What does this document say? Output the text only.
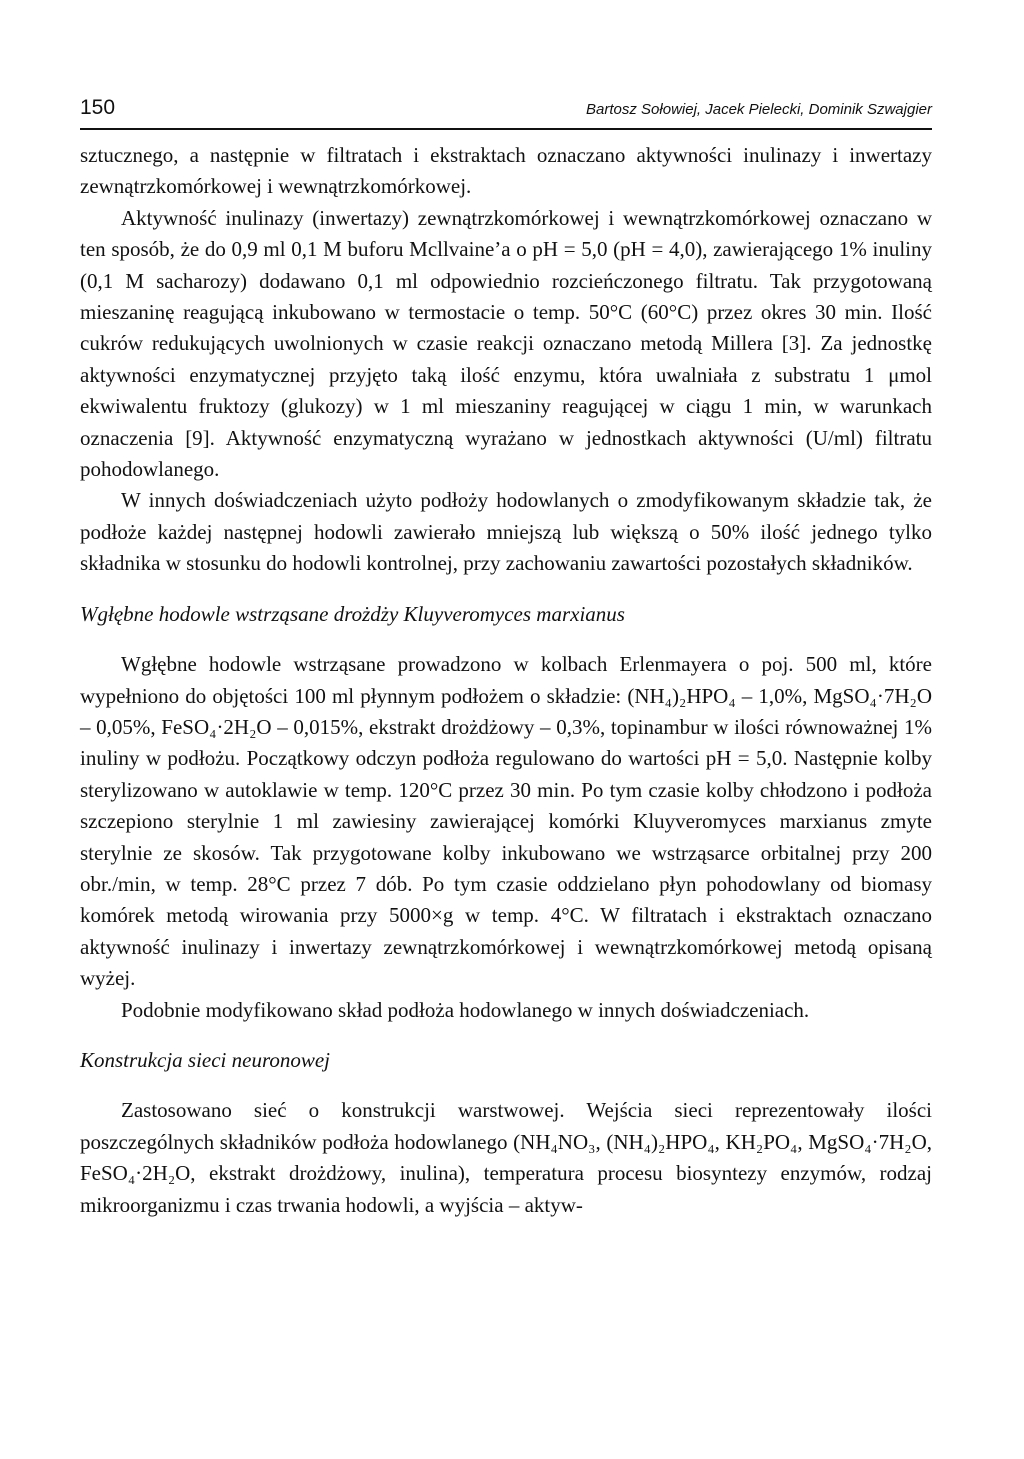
150	Bartosz Sołowiej, Jacek Pielecki, Dominik Szwajgier

sztucznego, a następnie w filtratach i ekstraktach oznaczano aktywności inulinazy i inwertazy zewnątrzkomórkowej i wewnątrzkomórkowej.

Aktywność inulinazy (inwertazy) zewnątrzkomórkowej i wewnątrzkomórkowej oznaczano w ten sposób, że do 0,9 ml 0,1 M buforu Mcllvaine’a o pH = 5,0 (pH = 4,0), zawierającego 1% inuliny (0,1 M sacharozy) dodawano 0,1 ml odpowiednio rozcieńczonego filtratu. Tak przygotowaną mieszaninę reagującą inkubowano w termostacie o temp. 50°C (60°C) przez okres 30 min. Ilość cukrów redukujących uwolnionych w czasie reakcji oznaczano metodą Millera [3]. Za jednostkę aktywności enzymatycznej przyjęto taką ilość enzymu, która uwalniała z substratu 1 μmol ekwiwalentu fruktozy (glukozy) w 1 ml mieszaniny reagującej w ciągu 1 min, w warunkach oznaczenia [9]. Aktywność enzymatyczną wyrażano w jednostkach aktywności (U/ml) filtratu pohodowlanego.

W innych doświadczeniach użyto podłoży hodowlanych o zmodyfikowanym składzie tak, że podłoże każdej następnej hodowli zawierało mniejszą lub większą o 50% ilość jednego tylko składnika w stosunku do hodowli kontrolnej, przy zachowaniu zawartości pozostałych składników.

Wgłębne hodowle wstrząsane drożdży Kluyveromyces marxianus

Wgłębne hodowle wstrząsane prowadzono w kolbach Erlenmayera o poj. 500 ml, które wypełniono do objętości 100 ml płynnym podłożem o składzie: (NH₄)₂HPO₄ – 1,0%, MgSO₄·7H₂O – 0,05%, FeSO₄·2H₂O – 0,015%, ekstrakt drożdżowy – 0,3%, topinambur w ilości równoważnej 1% inuliny w podłożu. Początkowy odczyn podłoża regulowano do wartości pH = 5,0. Następnie kolby sterylizowano w autoklawie w temp. 120°C przez 30 min. Po tym czasie kolby chłodzono i podłoża szczepiono sterylnie 1 ml zawiesiny zawierającej komórki Kluyveromyces marxianus zmyte sterylnie ze skosów. Tak przygotowane kolby inkubowano we wstrząsarce orbitalnej przy 200 obr./min, w temp. 28°C przez 7 dób. Po tym czasie oddzielano płyn pohodowlany od biomasy komórek metodą wirowania przy 5000×g w temp. 4°C. W filtratach i ekstraktach oznaczano aktywność inulinazy i inwertazy zewnątrzkomórkowej i wewnątrzkomórkowej metodą opisaną wyżej.

Podobnie modyfikowano skład podłoża hodowlanego w innych doświadczeniach.

Konstrukcja sieci neuronowej

Zastosowano sieć o konstrukcji warstwowej. Wejścia sieci reprezentowały ilości poszczególnych składników podłoża hodowlanego (NH₄NO₃, (NH₄)₂HPO₄, KH₂PO₄, MgSO₄·7H₂O, FeSO₄·2H₂O, ekstrakt drożdżowy, inulina), temperatura procesu biosyntezy enzymów, rodzaj mikroorganizmu i czas trwania hodowli, a wyjścia – aktyw-
